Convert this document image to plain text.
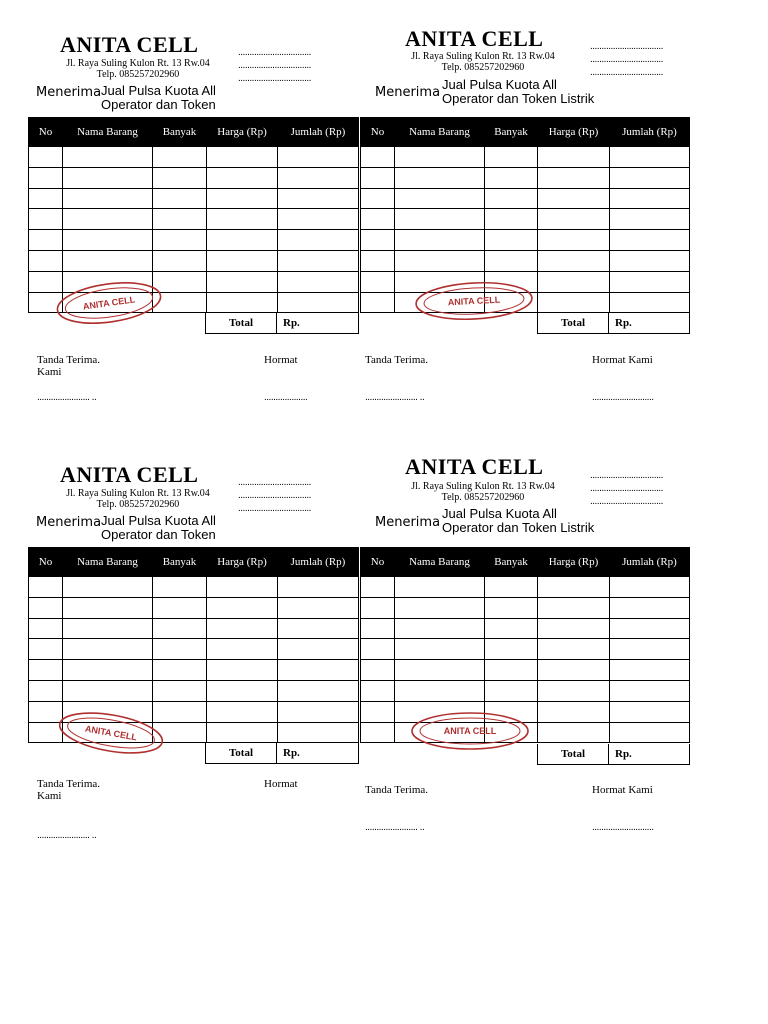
ANITA CELL
Jl. Raya Suling Kulon Rt. 13 Rw.04
Telp. 085257202960
................................
................................
................................
Menerima Jual Pulsa Kuota All
Operator dan Token
No	Nama Barang	Banyak	Harga (Rp)	Jumlah (Rp)

ANITA CELL
Total	Rp.
Tanda Terima.
Kami
Hormat
....................... ..	...................
ANITA CELL
Jl. Raya Suling Kulon Rt. 13 Rw.04
Telp. 085257202960
................................
................................
................................
Menerima
Jual Pulsa Kuota All
Operator dan Token Listrik
No	Nama Barang	Banyak	Harga (Rp)	Jumlah (Rp)

ANITA CELL
Total	Rp.
Tanda Terima.	Hormat Kami
....................... ..	...........................
ANITA CELL
Jl. Raya Suling Kulon Rt. 13 Rw.04
Telp. 085257202960
................................
................................
................................
Menerima Jual Pulsa Kuota All
Operator dan Token
No	Nama Barang	Banyak	Harga (Rp)	Jumlah (Rp)

ANITA CELL
Total	Rp.
Tanda Terima.
Kami
Hormat
....................... ..
ANITA CELL
Jl. Raya Suling Kulon Rt. 13 Rw.04
Telp. 085257202960
................................
................................
................................
Menerima
Jual Pulsa Kuota All
Operator dan Token Listrik
No	Nama Barang	Banyak	Harga (Rp)	Jumlah (Rp)

ANITA CELL
Total	Rp.
Tanda Terima.	Hormat Kami
....................... ..	...........................
